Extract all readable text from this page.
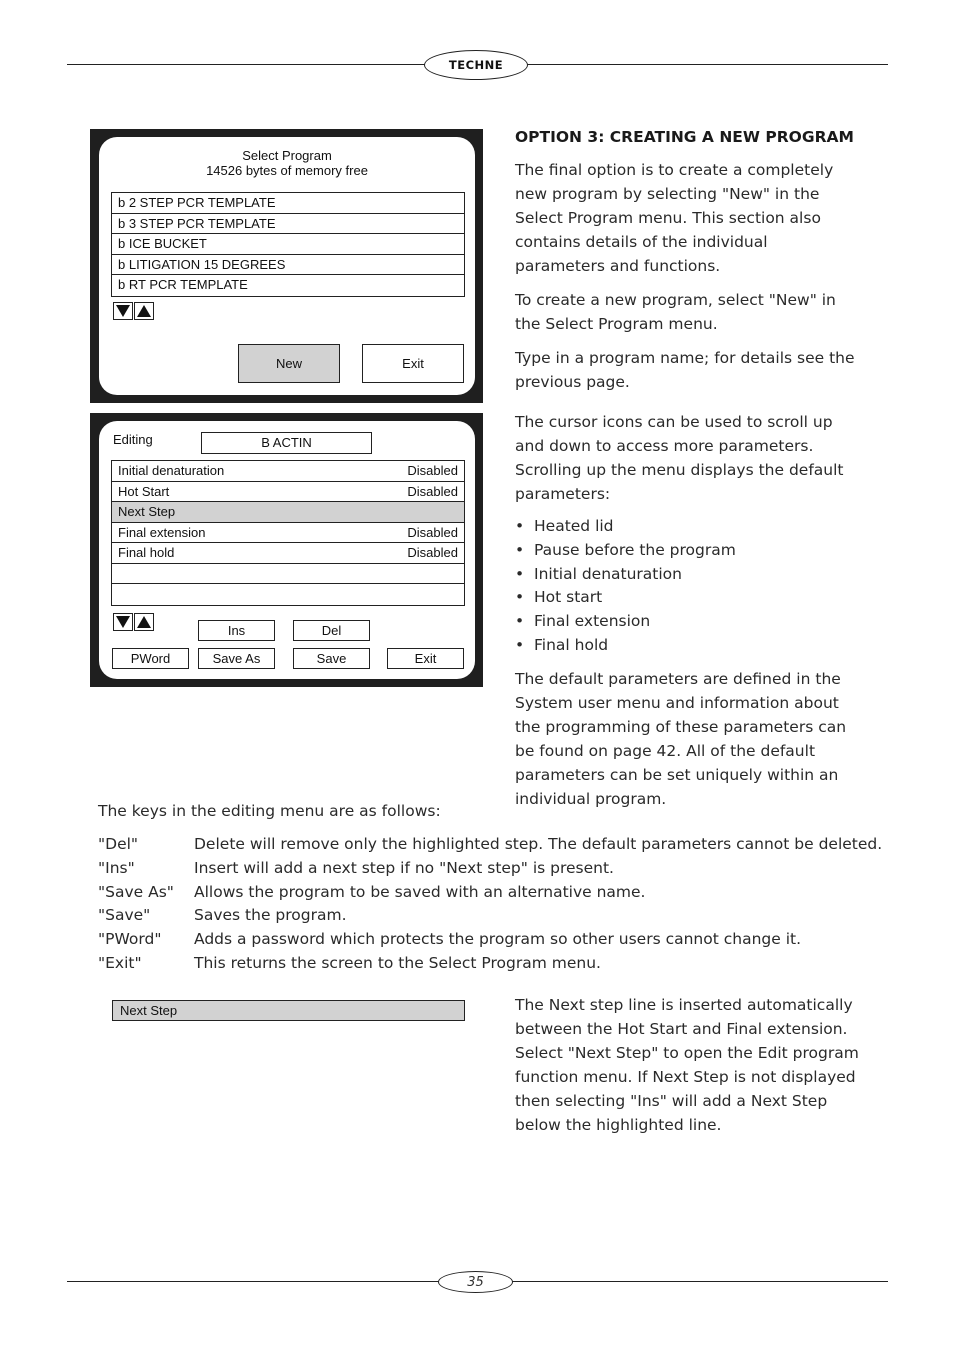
TECHNE
Select Program
14526 bytes of memory free
b 2 STEP PCR TEMPLATE
b 3 STEP PCR TEMPLATE
b ICE BUCKET
b LITIGATION 15 DEGREES
b RT PCR TEMPLATE
New	Exit
Editing	B ACTIN
Initial denaturation	Disabled
Hot Start	Disabled
Next Step
Final extension	Disabled
Final hold	Disabled
Ins	Del
PWord	Save As	Save	Exit
OPTION 3: CREATING A NEW PROGRAM
The final option is to create a completely new program by selecting "New" in the Select Program menu. This section also contains details of the individual parameters and functions.
To create a new program, select "New" in the Select Program menu.
Type in a program name; for details see the previous page.
The cursor icons can be used to scroll up and down to access more parameters. Scrolling up the menu displays the default parameters:
• Heated lid
• Pause before the program
• Initial denaturation
• Hot start
• Final extension
• Final hold
The default parameters are defined in the System user menu and information about the programming of these parameters can be found on page 42. All of the default parameters can be set uniquely within an individual program.
The keys in the editing menu are as follows:
"Del"	Delete will remove only the highlighted step. The default parameters cannot be deleted.
"Ins"	Insert will add a next step if no "Next step" is present.
"Save As"	Allows the program to be saved with an alternative name.
"Save"	Saves the program.
"PWord"	Adds a password which protects the program so other users cannot change it.
"Exit"	This returns the screen to the Select Program menu.
Next Step	The Next step line is inserted automatically between the Hot Start and Final extension. Select "Next Step" to open the Edit program function menu. If Next Step is not displayed then selecting "Ins" will add a Next Step below the highlighted line.
35
